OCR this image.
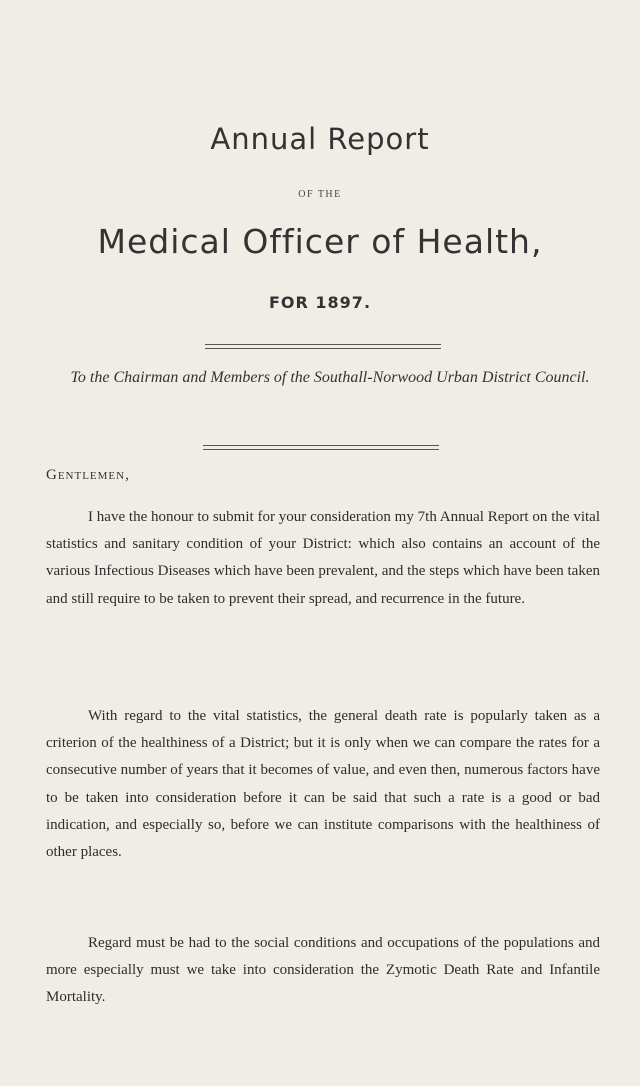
Annual Report
OF THE
Medical Officer of Health,
FOR 1897.
To the Chairman and Members of the Southall-Norwood Urban District Council.
Gentlemen,

I have the honour to submit for your consideration my 7th Annual Report on the vital statistics and sanitary condition of your District: which also contains an account of the various Infectious Diseases which have been prevalent, and the steps which have been taken and still require to be taken to prevent their spread, and recurrence in the future.

With regard to the vital statistics, the general death rate is popularly taken as a criterion of the healthiness of a District; but it is only when we can compare the rates for a consecutive number of years that it becomes of value, and even then, numerous factors have to be taken into consideration before it can be said that such a rate is a good or bad indication, and especially so, before we can institute comparisons with the healthiness of other places.

Regard must be had to the social conditions and occupations of the populations and more especially must we take into consideration the Zymotic Death Rate and Infantile Mortality.
